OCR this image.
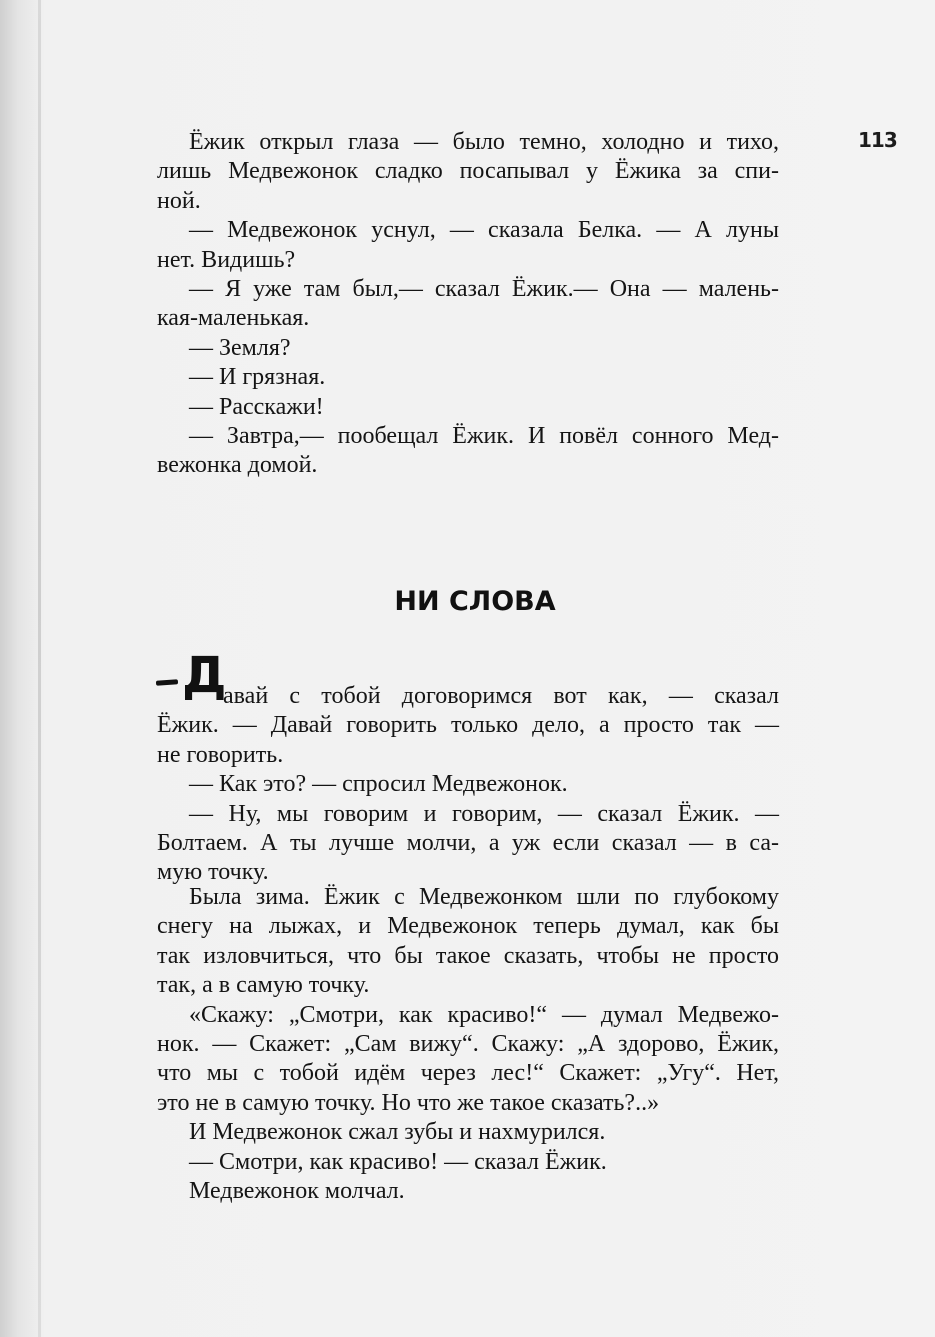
113
Ёжик открыл глаза — было темно, холодно и тихо,
лишь Медвежонок сладко посапывал у Ёжика за спи-
ной.
— Медвежонок уснул, — сказала Белка. — А луны
нет. Видишь?
— Я уже там был,— сказал Ёжик.— Она — малень-
кая-маленькая.
— Земля?
— И грязная.
— Расскажи!
— Завтра,— пообещал Ёжик. И повёл сонного Мед-
вежонка домой.
НИ СЛОВА
Д
авай с тобой договоримся вот как, — сказал
Ёжик. — Давай говорить только дело, а просто так —
не говорить.
— Как это? — спросил Медвежонок.
— Ну, мы говорим и говорим, — сказал Ёжик. —
Болтаем. А ты лучше молчи, а уж если сказал — в са-
мую точку.
Была зима. Ёжик с Медвежонком шли по глубокому
снегу на лыжах, и Медвежонок теперь думал, как бы
так изловчиться, что бы такое сказать, чтобы не просто
так, а в самую точку.
«Скажу: „Смотри, как красиво!“ — думал Медвежо-
нок. — Скажет: „Сам вижу“. Скажу: „А здорово, Ёжик,
что мы с тобой идём через лес!“ Скажет: „Угу“. Нет,
это не в самую точку. Но что же такое сказать?..»
И Медвежонок сжал зубы и нахмурился.
— Смотри, как красиво! — сказал Ёжик.
Медвежонок молчал.
